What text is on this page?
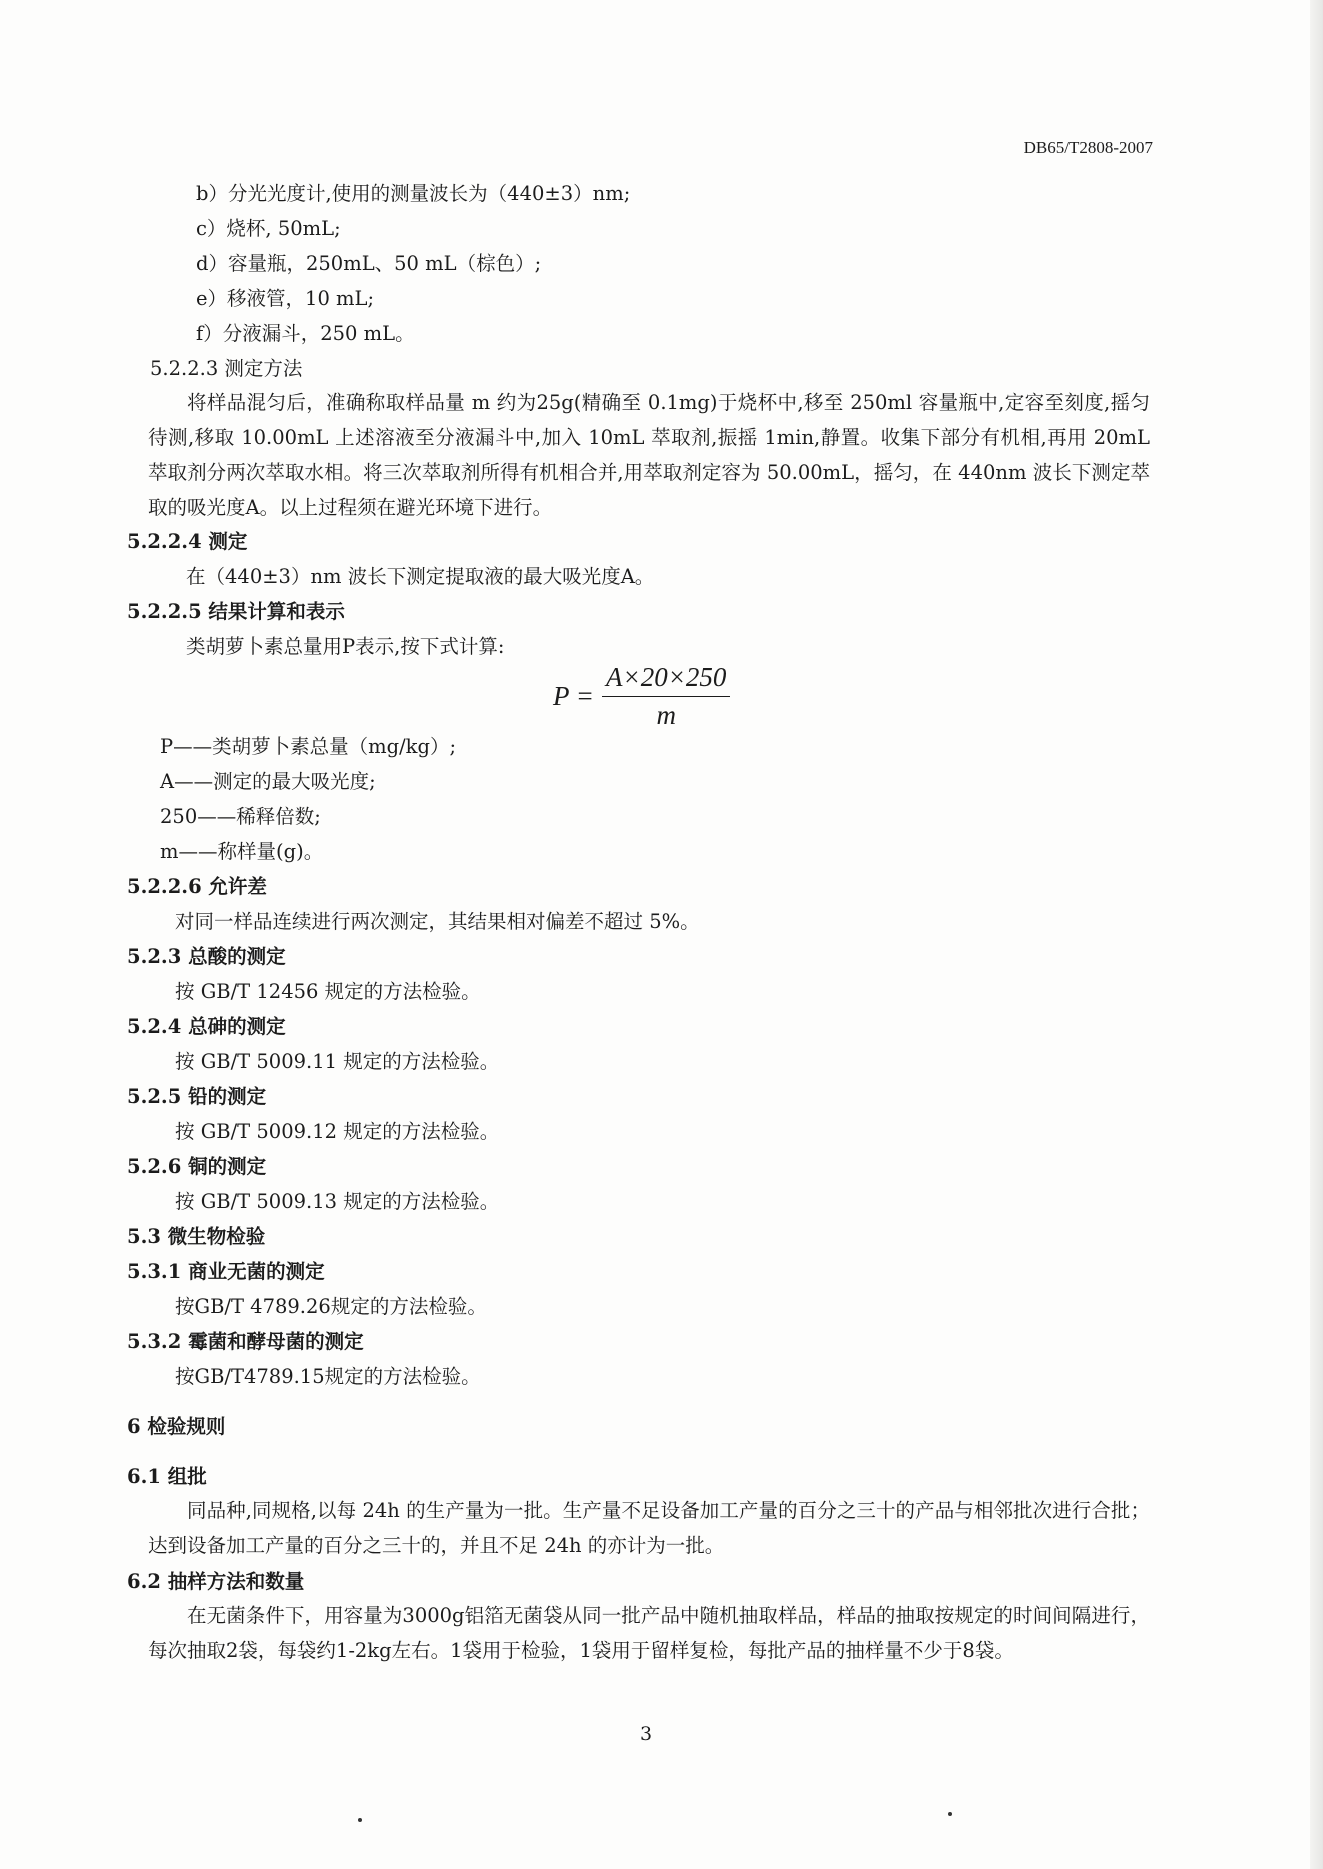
DB65/T2808-2007
b）分光光度计,使用的测量波长为（440±3）nm;
c）烧杯, 50mL;
d）容量瓶，250mL、50 mL（棕色）;
e）移液管，10 mL;
f）分液漏斗，250 mL。
5.2.2.3 测定方法
将样品混匀后，准确称取样品量 m 约为25g(精确至 0.1mg)于烧杯中,移至 250ml 容量瓶中,定容至刻度,摇匀待测,移取 10.00mL 上述溶液至分液漏斗中,加入 10mL 萃取剂,振摇 1min,静置。收集下部分有机相,再用 20mL 萃取剂分两次萃取水相。将三次萃取剂所得有机相合并,用萃取剂定容为 50.00mL，摇匀，在 440nm 波长下测定萃取的吸光度A。以上过程须在避光环境下进行。
5.2.2.4 测定
在（440±3）nm 波长下测定提取液的最大吸光度A。
5.2.2.5 结果计算和表示
类胡萝卜素总量用P表示,按下式计算:
$P = \frac{A\times 20\times 250}{m}$
P——类胡萝卜素总量（mg/kg）;
A——测定的最大吸光度;
250——稀释倍数;
m——称样量(g)。
5.2.2.6 允许差
对同一样品连续进行两次测定，其结果相对偏差不超过 5%。
5.2.3 总酸的测定
按 GB/T 12456 规定的方法检验。
5.2.4 总砷的测定
按 GB/T 5009.11 规定的方法检验。
5.2.5 铅的测定
按 GB/T 5009.12 规定的方法检验。
5.2.6 铜的测定
按 GB/T 5009.13 规定的方法检验。
5.3 微生物检验
5.3.1 商业无菌的测定
按GB/T 4789.26规定的方法检验。
5.3.2 霉菌和酵母菌的测定
按GB/T4789.15规定的方法检验。
6 检验规则
6.1 组批
同品种,同规格,以每 24h 的生产量为一批。生产量不足设备加工产量的百分之三十的产品与相邻批次进行合批；达到设备加工产量的百分之三十的，并且不足 24h 的亦计为一批。
6.2 抽样方法和数量
在无菌条件下，用容量为3000g铝箔无菌袋从同一批产品中随机抽取样品，样品的抽取按规定的时间间隔进行，每次抽取2袋，每袋约1-2kg左右。1袋用于检验，1袋用于留样复检，每批产品的抽样量不少于8袋。
3
